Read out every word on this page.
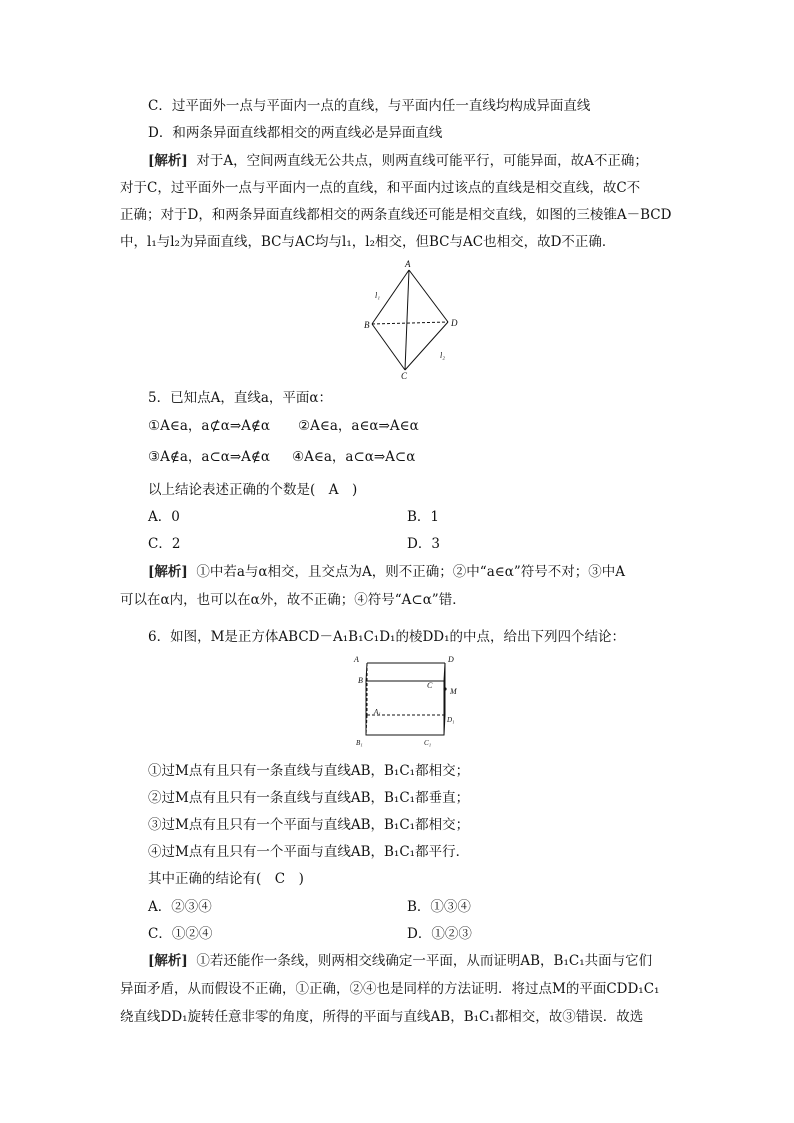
C．过平面外一点与平面内一点的直线，与平面内任一直线均构成异面直线
D．和两条异面直线都相交的两直线必是异面直线
[解析] 对于A，空间两直线无公共点，则两直线可能平行，可能异面，故A不正确；
对于C，过平面外一点与平面内一点的直线，和平面内过该点的直线是相交直线，故C不
正确；对于D，和两条异面直线都相交的两条直线还可能是相交直线，如图的三棱锥A－BCD
中，l₁与l₂为异面直线，BC与AC均与l₁，l₂相交，但BC与AC也相交，故D不正确．
A
B
C
D
l₁
l₂
5．已知点A，直线a，平面α：
①A∈a，a⊄α⇒A∉α ②A∈a，a∈α⇒A∈α
③A∉a，a⊂α⇒A∉α ④A∈a，a⊂α⇒A⊂α
以上结论表述正确的个数是(　A　)
A．0	B．1
C．2	D．3
[解析] ①中若a与α相交，且交点为A，则不正确；②中“a∈α”符号不对；③中A
可以在α内，也可以在α外，故不正确；④符号“A⊂α”错．
6．如图，M是正方体ABCD－A₁B₁C₁D₁的棱DD₁的中点，给出下列四个结论：
A	D
B
C
M
A₁
D₁
B₁	C₁
①过M点有且只有一条直线与直线AB，B₁C₁都相交；
②过M点有且只有一条直线与直线AB，B₁C₁都垂直；
③过M点有且只有一个平面与直线AB，B₁C₁都相交；
④过M点有且只有一个平面与直线AB，B₁C₁都平行．
其中正确的结论有(　C　)
A．②③④	B．①③④
C．①②④	D．①②③
[解析] ①若还能作一条线，则两相交线确定一平面，从而证明AB，B₁C₁共面与它们
异面矛盾，从而假设不正确，①正确，②④也是同样的方法证明．将过点M的平面CDD₁C₁
绕直线DD₁旋转任意非零的角度，所得的平面与直线AB，B₁C₁都相交，故③错误．故选
